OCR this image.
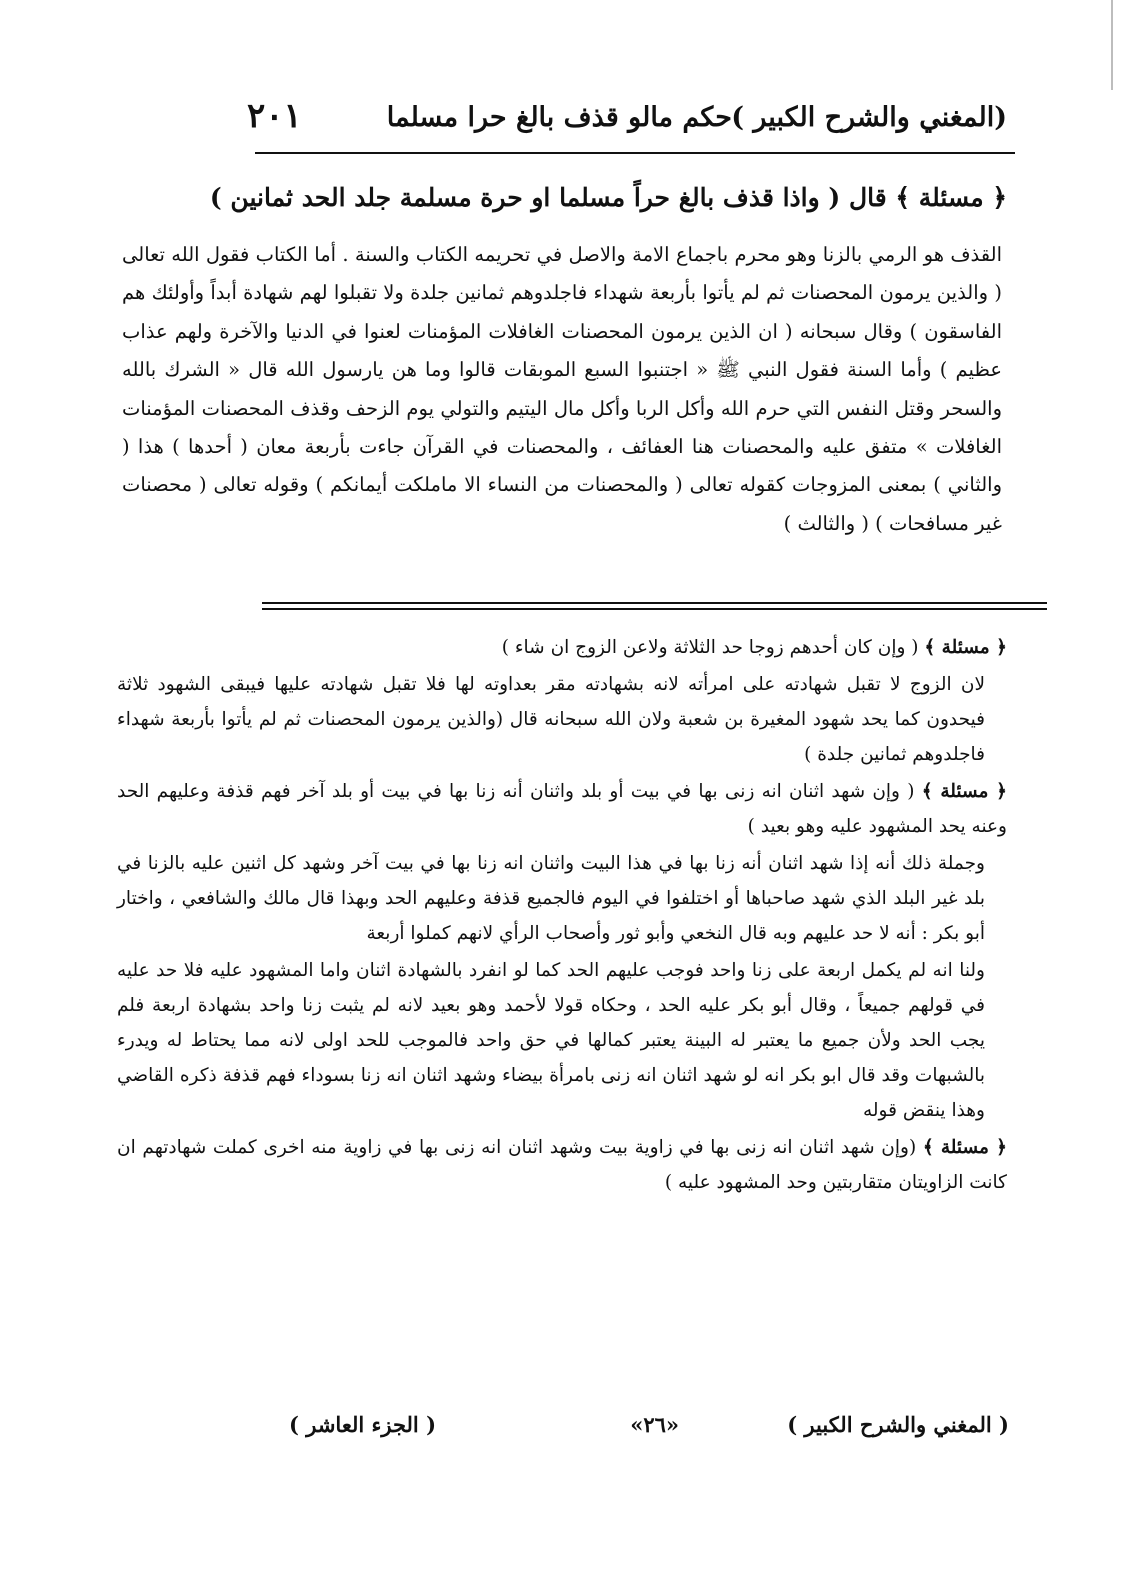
(المغني والشرح الكبير )
حكم مالو قذف بالغ حرا مسلما
٢٠١
﴿ مسئلة ﴾ قال ( واذا قذف بالغ حراً مسلما او حرة مسلمة جلد الحد ثمانين )

القذف هو الرمي بالزنا وهو محرم باجماع الامة والاصل في تحريمه الكتاب والسنة . أما الكتاب فقول الله تعالى ( والذين يرمون المحصنات ثم لم يأتوا بأربعة شهداء فاجلدوهم ثمانين جلدة ولا تقبلوا لهم شهادة أبداً وأولئك هم الفاسقون ) وقال سبحانه ( ان الذين يرمون المحصنات الغافلات المؤمنات لعنوا في الدنيا والآخرة ولهم عذاب عظيم ) وأما السنة فقول النبي ﷺ « اجتنبوا السبع الموبقات قالوا وما هن يارسول الله قال « الشرك بالله والسحر وقتل النفس التي حرم الله وأكل الربا وأكل مال اليتيم والتولي يوم الزحف وقذف المحصنات المؤمنات الغافلات » متفق عليه والمحصنات هنا العفائف ، والمحصنات في القرآن جاءت بأربعة معان ( أحدها ) هذا ( والثاني ) بمعنى المزوجات كقوله تعالى ( والمحصنات من النساء الا ماملكت أيمانكم ) وقوله تعالى ( محصنات غير مسافحات ) ( والثالث )

﴿ مسئلة ﴾ ( وإن كان أحدهم زوجا حد الثلاثة ولاعن الزوج ان شاء )

لان الزوج لا تقبل شهادته على امرأته لانه بشهادته مقر بعداوته لها فلا تقبل شهادته عليها فيبقى الشهود ثلاثة فيحدون كما يحد شهود المغيرة بن شعبة ولان الله سبحانه قال (والذين يرمون المحصنات ثم لم يأتوا بأربعة شهداء فاجلدوهم ثمانين جلدة )

﴿ مسئلة ﴾ ( وإن شهد اثنان انه زنى بها في بيت أو بلد واثنان أنه زنا بها في بيت أو بلد آخر فهم قذفة وعليهم الحد وعنه يحد المشهود عليه وهو بعيد )

وجملة ذلك أنه إذا شهد اثنان أنه زنا بها في هذا البيت واثنان انه زنا بها في بيت آخر وشهد كل اثنين عليه بالزنا في بلد غير البلد الذي شهد صاحباها أو اختلفوا في اليوم فالجميع قذفة وعليهم الحد وبهذا قال مالك والشافعي ، واختار أبو بكر : أنه لا حد عليهم وبه قال النخعي وأبو ثور وأصحاب الرأي لانهم كملوا أربعة

ولنا انه لم يكمل اربعة على زنا واحد فوجب عليهم الحد كما لو انفرد بالشهادة اثنان واما المشهود عليه فلا حد عليه في قولهم جميعاً ، وقال أبو بكر عليه الحد ، وحكاه قولا لأحمد وهو بعيد لانه لم يثبت زنا واحد بشهادة اربعة فلم يجب الحد ولأن جميع ما يعتبر له البينة يعتبر كمالها في حق واحد فالموجب للحد اولى لانه مما يحتاط له ويدرء بالشبهات وقد قال ابو بكر انه لو شهد اثنان انه زنى بامرأة بيضاء وشهد اثنان انه زنا بسوداء فهم قذفة ذكره القاضي وهذا ينقض قوله

﴿ مسئلة ﴾ (وإن شهد اثنان انه زنى بها في زاوية بيت وشهد اثنان انه زنى بها في زاوية منه اخرى كملت شهادتهم ان كانت الزاويتان متقاربتين وحد المشهود عليه )

( المغني والشرح الكبير )
«٢٦»
( الجزء العاشر )
